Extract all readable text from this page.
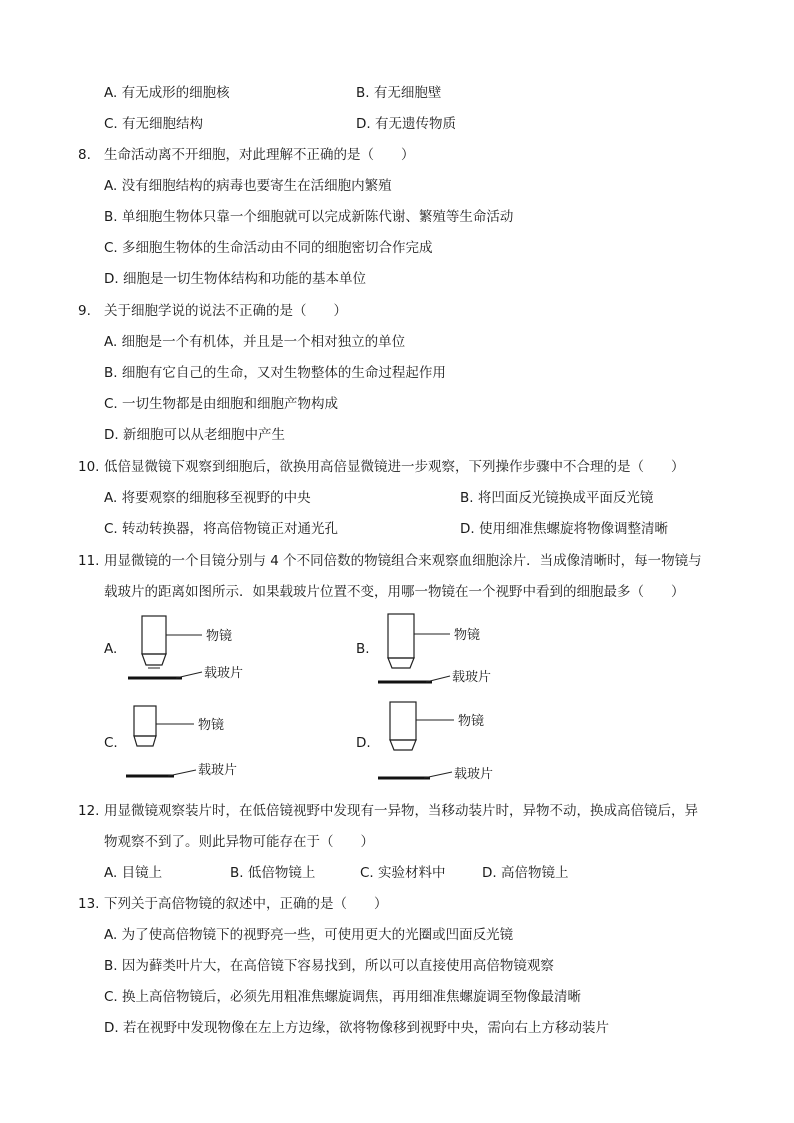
A. 有无成形的细胞核	B. 有无细胞壁
C. 有无细胞结构	D. 有无遗传物质
8. 生命活动离不开细胞，对此理解不正确的是（　　）
A. 没有细胞结构的病毒也要寄生在活细胞内繁殖
B. 单细胞生物体只靠一个细胞就可以完成新陈代谢、繁殖等生命活动
C. 多细胞生物体的生命活动由不同的细胞密切合作完成
D. 细胞是一切生物体结构和功能的基本单位
9. 关于细胞学说的说法不正确的是（　　）
A. 细胞是一个有机体，并且是一个相对独立的单位
B. 细胞有它自己的生命，又对生物整体的生命过程起作用
C. 一切生物都是由细胞和细胞产物构成
D. 新细胞可以从老细胞中产生
10. 低倍显微镜下观察到细胞后，欲换用高倍显微镜进一步观察，下列操作步骤中不合理的是（　　）
A. 将要观察的细胞移至视野的中央	B. 将凹面反光镜换成平面反光镜
C. 转动转换器，将高倍物镜正对通光孔	D. 使用细准焦螺旋将物像调整清晰
11. 用显微镜的一个目镜分别与 4 个不同倍数的物镜组合来观察血细胞涂片．当成像清晰时，每一物镜与
载玻片的距离如图所示．如果载玻片位置不变，用哪一物镜在一个视野中看到的细胞最多（　　）
A.
物镜
载玻片
B.
物镜
载玻片
C.
物镜
载玻片
D.
物镜
载玻片
12. 用显微镜观察装片时，在低倍镜视野中发现有一异物，当移动装片时，异物不动，换成高倍镜后，异
物观察不到了。则此异物可能存在于（　　）
A. 目镜上	B. 低倍物镜上	C. 实验材料中	D. 高倍物镜上
13. 下列关于高倍物镜的叙述中，正确的是（　　）
A. 为了使高倍物镜下的视野亮一些，可使用更大的光圈或凹面反光镜
B. 因为藓类叶片大，在高倍镜下容易找到，所以可以直接使用高倍物镜观察
C. 换上高倍物镜后，必须先用粗准焦螺旋调焦，再用细准焦螺旋调至物像最清晰
D. 若在视野中发现物像在左上方边缘，欲将物像移到视野中央，需向右上方移动装片
